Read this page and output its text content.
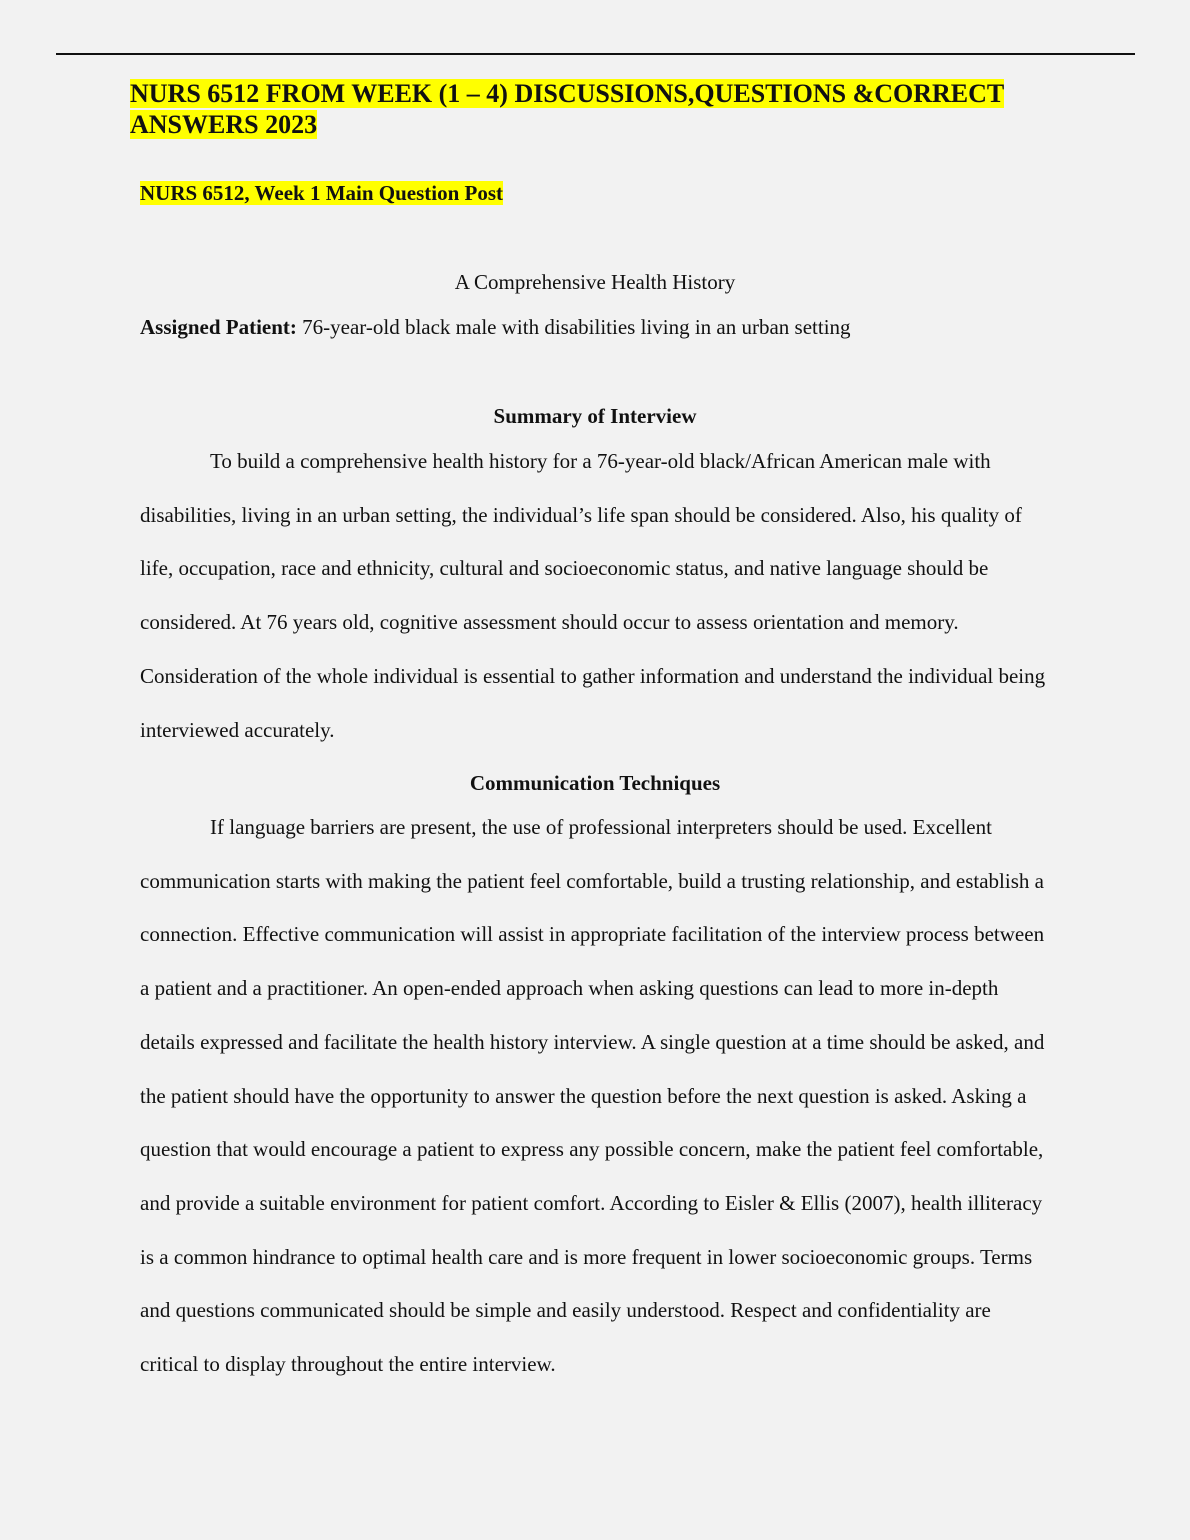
NURS 6512 FROM WEEK (1 – 4) DISCUSSIONS,QUESTIONS &CORRECT ANSWERS 2023
NURS 6512, Week 1 Main Question Post
A Comprehensive Health History
Assigned Patient: 76-year-old black male with disabilities living in an urban setting
Summary of Interview

To build a comprehensive health history for a 76-year-old black/African American male with disabilities, living in an urban setting, the individual’s life span should be considered. Also, his quality of life, occupation, race and ethnicity, cultural and socioeconomic status, and native language should be considered. At 76 years old, cognitive assessment should occur to assess orientation and memory. Consideration of the whole individual is essential to gather information and understand the individual being interviewed accurately.

Communication Techniques

If language barriers are present, the use of professional interpreters should be used. Excellent communication starts with making the patient feel comfortable, build a trusting relationship, and establish a connection. Effective communication will assist in appropriate facilitation of the interview process between a patient and a practitioner. An open-ended approach when asking questions can lead to more in-depth details expressed and facilitate the health history interview. A single question at a time should be asked, and the patient should have the opportunity to answer the question before the next question is asked. Asking a question that would encourage a patient to express any possible concern, make the patient feel comfortable, and provide a suitable environment for patient comfort. According to Eisler & Ellis (2007), health illiteracy is a common hindrance to optimal health care and is more frequent in lower socioeconomic groups. Terms and questions communicated should be simple and easily understood. Respect and confidentiality are critical to display throughout the entire interview.
